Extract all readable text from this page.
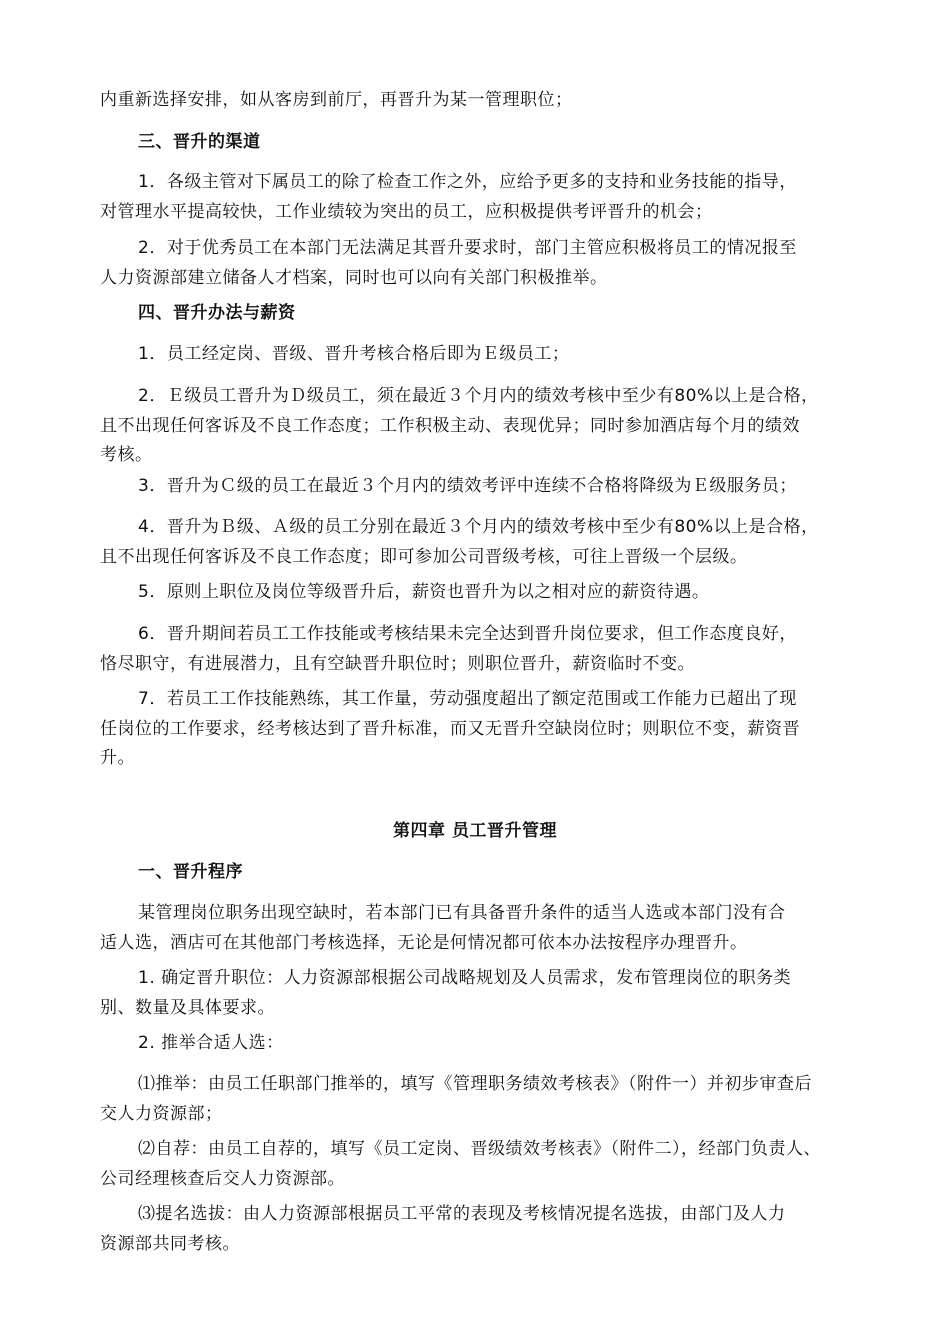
内重新选择安排，如从客房到前厅，再晋升为某一管理职位；
三、晋升的渠道
1．各级主管对下属员工的除了检查工作之外，应给予更多的支持和业务技能的指导，
对管理水平提高较快，工作业绩较为突出的员工，应积极提供考评晋升的机会；
2．对于优秀员工在本部门无法满足其晋升要求时，部门主管应积极将员工的情况报至
人力资源部建立储备人才档案，同时也可以向有关部门积极推举。
四、晋升办法与薪资
1．员工经定岗、晋级、晋升考核合格后即为Ｅ级员工；
2．Ｅ级员工晋升为Ｄ级员工，须在最近３个月内的绩效考核中至少有80%以上是合格，
且不出现任何客诉及不良工作态度；工作积极主动、表现优异；同时参加酒店每个月的绩效
考核。
3．晋升为Ｃ级的员工在最近３个月内的绩效考评中连续不合格将降级为Ｅ级服务员；
4．晋升为Ｂ级、Ａ级的员工分别在最近３个月内的绩效考核中至少有80%以上是合格，
且不出现任何客诉及不良工作态度；即可参加公司晋级考核，可往上晋级一个层级。
5．原则上职位及岗位等级晋升后，薪资也晋升为以之相对应的薪资待遇。
6．晋升期间若员工工作技能或考核结果未完全达到晋升岗位要求，但工作态度良好，
恪尽职守，有进展潜力，且有空缺晋升职位时；则职位晋升，薪资临时不变。
7．若员工工作技能熟练，其工作量，劳动强度超出了额定范围或工作能力已超出了现
任岗位的工作要求，经考核达到了晋升标准，而又无晋升空缺岗位时；则职位不变，薪资晋
升。
第四章 员工晋升管理
一、晋升程序
某管理岗位职务出现空缺时，若本部门已有具备晋升条件的适当人选或本部门没有合
适人选，酒店可在其他部门考核选择，无论是何情况都可依本办法按程序办理晋升。
1. 确定晋升职位：人力资源部根据公司战略规划及人员需求，发布管理岗位的职务类
别、数量及具体要求。
2. 推举合适人选：
⑴推举：由员工任职部门推举的，填写《管理职务绩效考核表》（附件一）并初步审查后
交人力资源部；
⑵自荐：由员工自荐的，填写《员工定岗、晋级绩效考核表》（附件二），经部门负责人、
公司经理核查后交人力资源部。
⑶提名选拔：由人力资源部根据员工平常的表现及考核情况提名选拔，由部门及人力
资源部共同考核。
